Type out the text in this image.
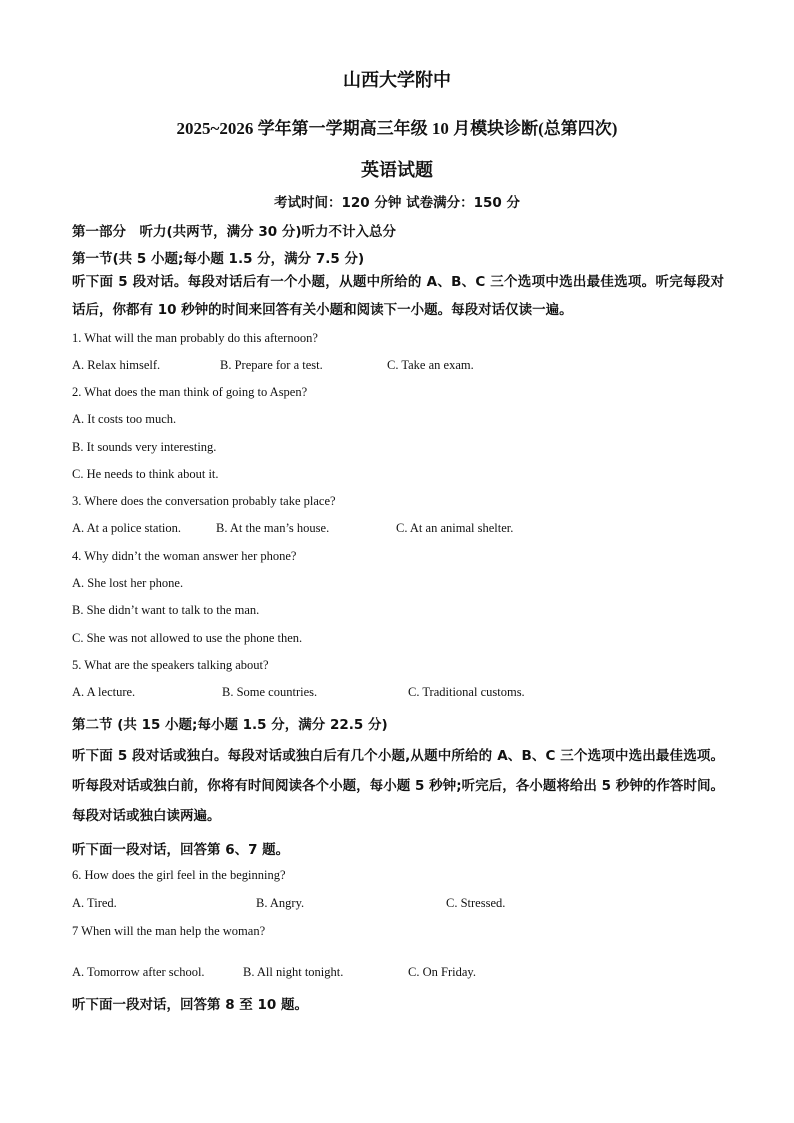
山西大学附中
2025~2026 学年第一学期高三年级 10 月模块诊断(总第四次)
英语试题
考试时间：120 分钟 试卷满分：150 分
第一部分　听力(共两节，满分 30 分)听力不计入总分
第一节(共 5 小题;每小题 1.5 分，满分 7.5 分)
听下面 5 段对话。每段对话后有一个小题，从题中所给的 A、B、C 三个选项中选出最佳选项。听完每段对话后，你都有 10 秒钟的时间来回答有关小题和阅读下一小题。每段对话仅读一遍。
1. What will the man probably do this afternoon?
A. Relax himself.	B. Prepare for a test.	C. Take an exam.
2. What does the man think of going to Aspen?
A. It costs too much.
B. It sounds very interesting.
C. He needs to think about it.
3. Where does the conversation probably take place?
A. At a police station.	B. At the man’s house.	C. At an animal shelter.
4. Why didn’t the woman answer her phone?
A. She lost her phone.
B. She didn’t want to talk to the man.
C. She was not allowed to use the phone then.
5. What are the speakers talking about?
A. A lecture.	B. Some countries.	C. Traditional customs.
第二节 (共 15 小题;每小题 1.5 分，满分 22.5 分)
听下面 5 段对话或独白。每段对话或独白后有几个小题,从题中所给的 A、B、C 三个选项中选出最佳选项。听每段对话或独白前，你将有时间阅读各个小题，每小题 5 秒钟;听完后，各小题将给出 5 秒钟的作答时间。每段对话或独白读两遍。
听下面一段对话，回答第 6、7 题。
6. How does the girl feel in the beginning?
A. Tired.	B. Angry.	C. Stressed.
7 When will the man help the woman?
A. Tomorrow after school.	B. All night tonight.	C. On Friday.
听下面一段对话，回答第 8 至 10 题。
